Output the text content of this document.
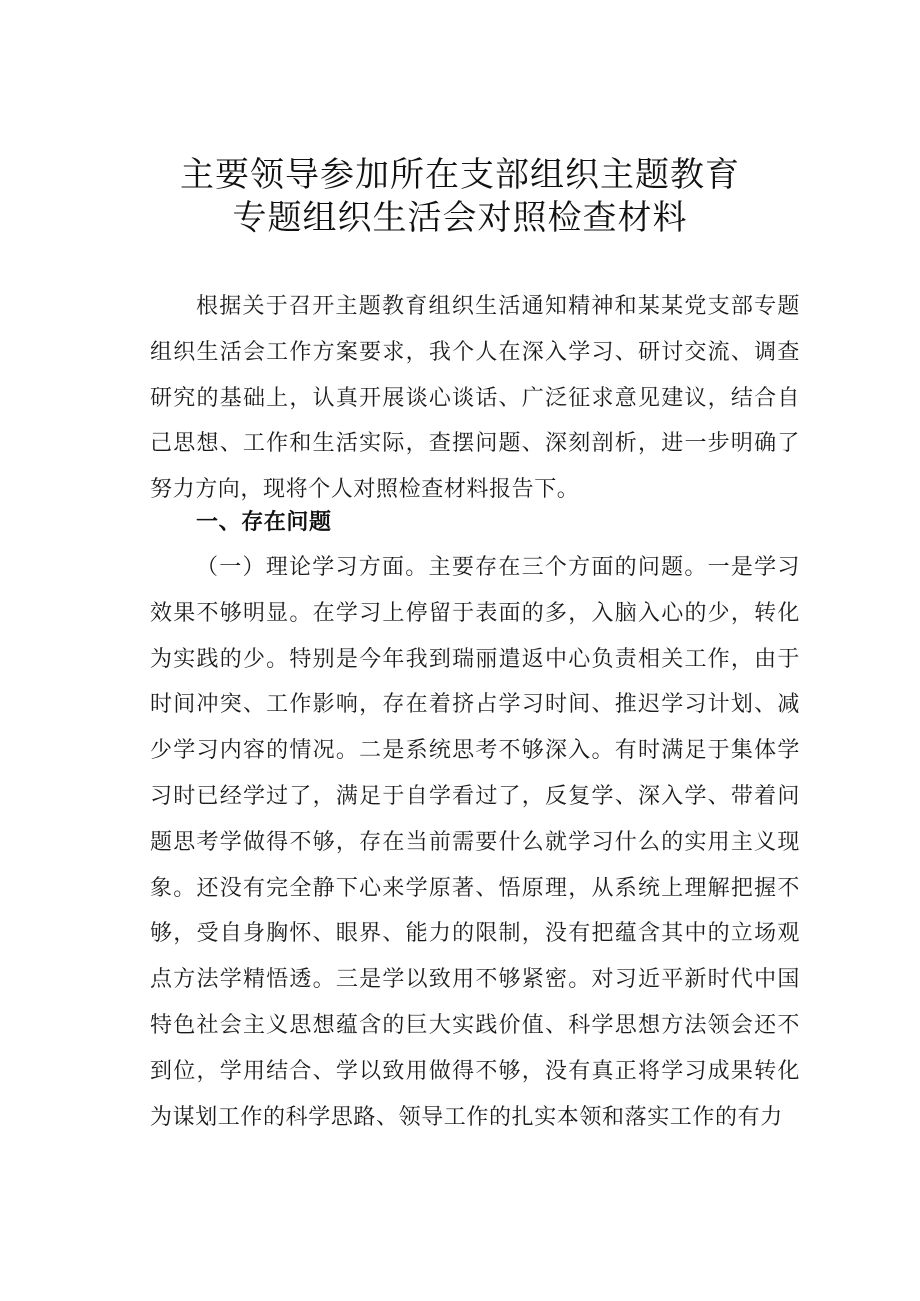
主要领导参加所在支部组织主题教育
专题组织生活会对照检查材料

根据关于召开主题教育组织生活通知精神和某某党支部专题组织生活会工作方案要求，我个人在深入学习、研讨交流、调查研究的基础上，认真开展谈心谈话、广泛征求意见建议，结合自己思想、工作和生活实际，查摆问题、深刻剖析，进一步明确了努力方向，现将个人对照检查材料报告下。

一、存在问题

（一）理论学习方面。主要存在三个方面的问题。一是学习效果不够明显。在学习上停留于表面的多，入脑入心的少，转化为实践的少。特别是今年我到瑞丽遣返中心负责相关工作，由于时间冲突、工作影响，存在着挤占学习时间、推迟学习计划、减少学习内容的情况。二是系统思考不够深入。有时满足于集体学习时已经学过了，满足于自学看过了，反复学、深入学、带着问题思考学做得不够，存在当前需要什么就学习什么的实用主义现象。还没有完全静下心来学原著、悟原理，从系统上理解把握不够，受自身胸怀、眼界、能力的限制，没有把蕴含其中的立场观点方法学精悟透。三是学以致用不够紧密。对习近平新时代中国特色社会主义思想蕴含的巨大实践价值、科学思想方法领会还不到位，学用结合、学以致用做得不够，没有真正将学习成果转化为谋划工作的科学思路、领导工作的扎实本领和落实工作的有力
